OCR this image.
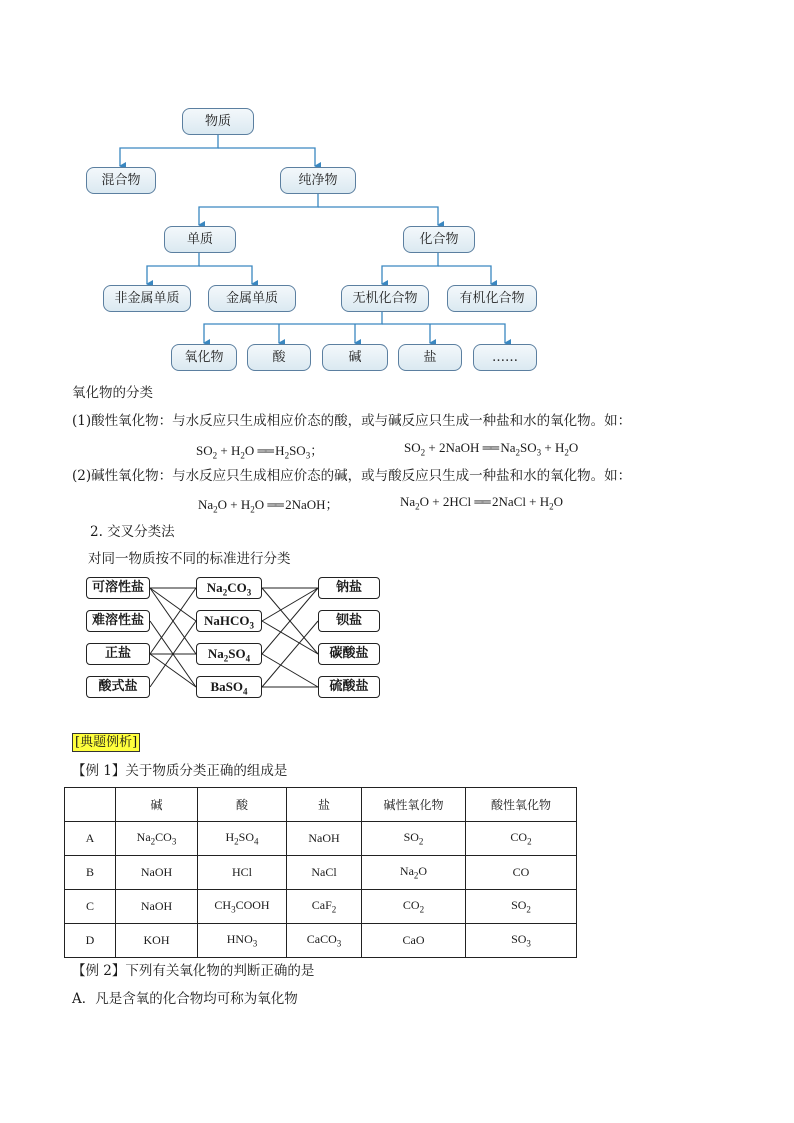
物质
混合物	纯净物
单质	化合物
非金属单质	金属单质	无机化合物	有机化合物
氧化物	酸	碱	盐	……
氧化物的分类
(1)酸性氧化物：与水反应只生成相应价态的酸，或与碱反应只生成一种盐和水的氧化物。如：
$SO_2 + H_2O$ ══ $H_2SO_3$；	$SO_2$ + 2NaOH ══ $Na_2SO_3 + H_2O$
(2)碱性氧化物：与水反应只生成相应价态的碱，或与酸反应只生成一种盐和水的氧化物。如：
$Na_2O + H_2O$ ══ 2NaOH；	$Na_2O + 2HCl$ ══ 2NaCl + $H_2O$
2. 交叉分类法
对同一物质按不同的标准进行分类
可溶性盐
难溶性盐
正盐
酸式盐
$Na_2CO_3$
NaHCO$_3$
$Na_2SO_4$
BaSO$_4$
钠盐
钡盐
碳酸盐
硫酸盐
[典题例析]
【例 1】关于物质分类正确的组成是
	碱	酸	盐	碱性氧化物	酸性氧化物
A	$Na_2CO_3$	$H_2SO_4$	NaOH	$SO_2$	$CO_2$
B	NaOH	HCl	NaCl	$Na_2O$	CO
C	NaOH	$CH_3COOH$	CaF$_2$	$CO_2$	$SO_2$
D	KOH	$HNO_3$	CaCO$_3$	CaO	$SO_3$
【例 2】下列有关氧化物的判断正确的是
A．凡是含氧的化合物均可称为氧化物
